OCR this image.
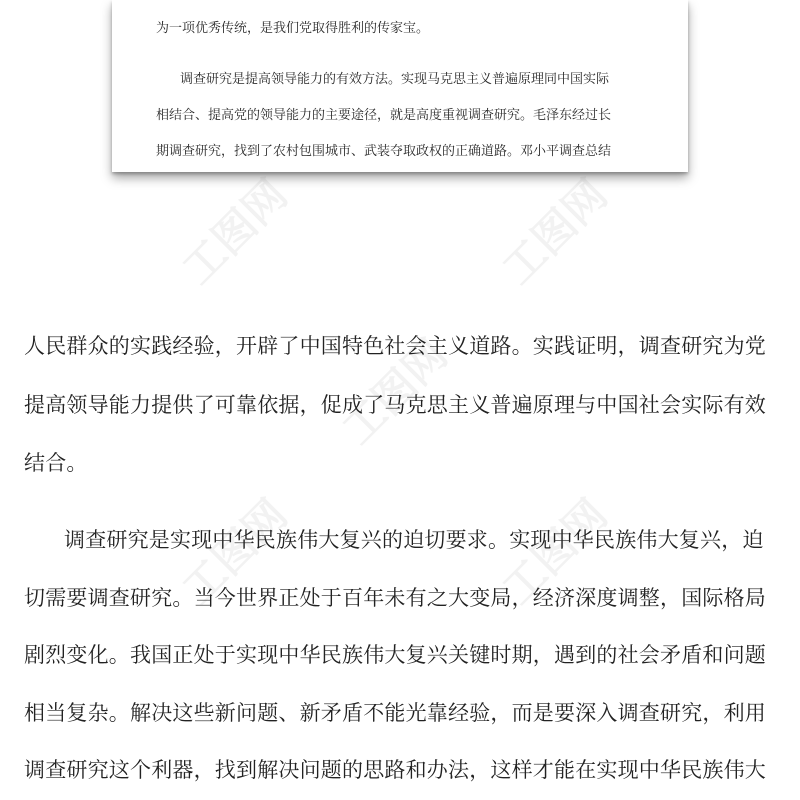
为一项优秀传统，是我们党取得胜利的传家宝。

调查研究是提高领导能力的有效方法。实现马克思主义普遍原理同中国实际

相结合、提高党的领导能力的主要途径，就是高度重视调查研究。毛泽东经过长

期调查研究，找到了农村包围城市、武装夺取政权的正确道路。邓小平调查总结

工图网	工图网
工图网
工图网	工图网
人民群众的实践经验，开辟了中国特色社会主义道路。实践证明，调查研究为党
提高领导能力提供了可靠依据，促成了马克思主义普遍原理与中国社会实际有效
结合。
调查研究是实现中华民族伟大复兴的迫切要求。实现中华民族伟大复兴，迫
切需要调查研究。当今世界正处于百年未有之大变局，经济深度调整，国际格局
剧烈变化。我国正处于实现中华民族伟大复兴关键时期，遇到的社会矛盾和问题
相当复杂。解决这些新问题、新矛盾不能光靠经验，而是要深入调查研究，利用
调查研究这个利器，找到解决问题的思路和办法，这样才能在实现中华民族伟大
